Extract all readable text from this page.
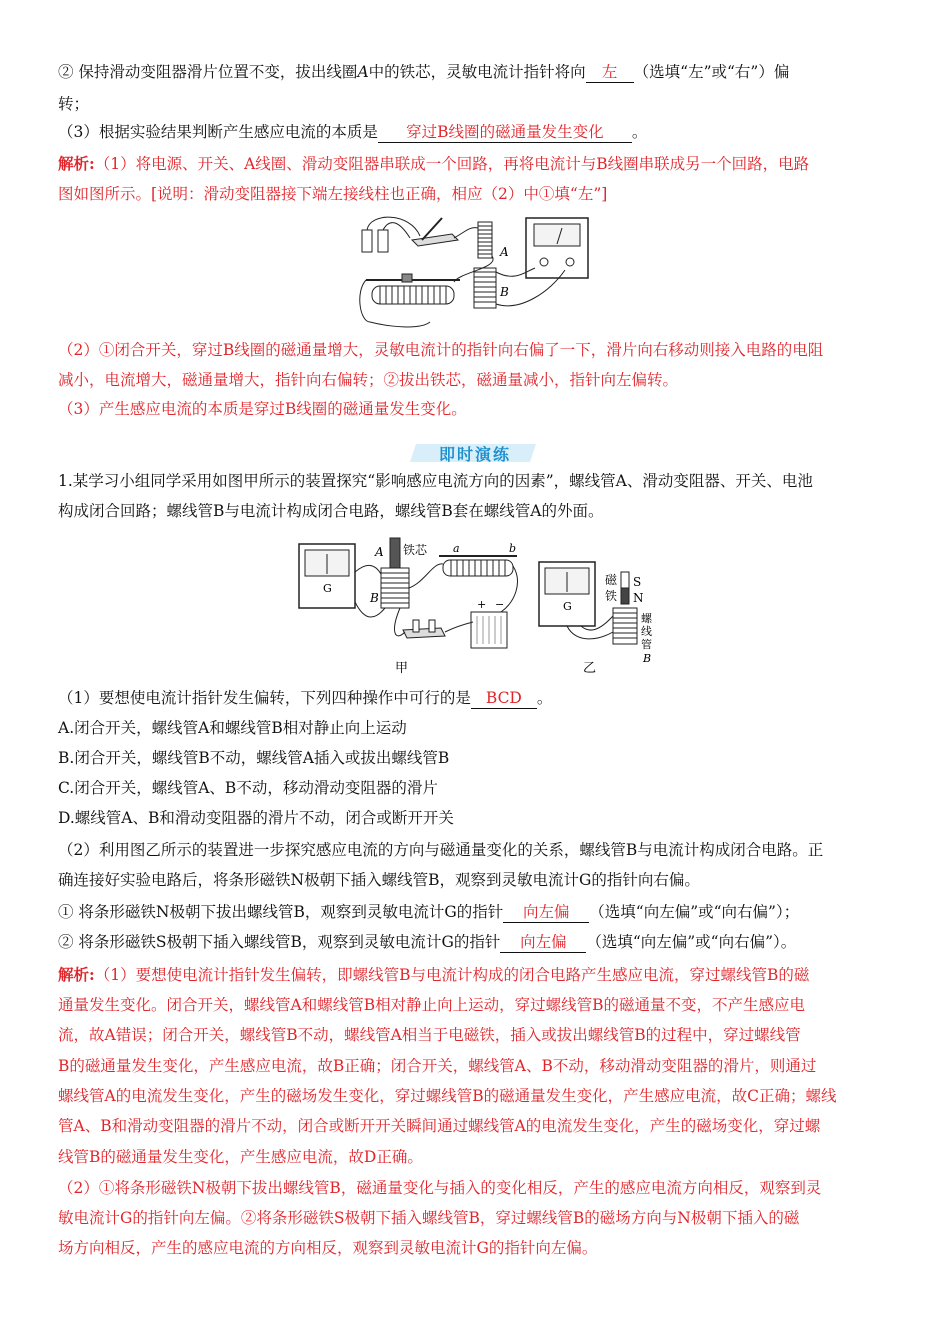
② 保持滑动变阻器滑片位置不变，拔出线圈A中的铁芯，灵敏电流计指针将向 左 （选填“左”或“右”）偏
转；
（3）根据实验结果判断产生感应电流的本质是 穿过B线圈的磁通量发生变化 。
解析:（1）将电源、开关、A线圈、滑动变阻器串联成一个回路，再将电流计与B线圈串联成另一个回路，电路
图如图所示。[说明：滑动变阻器接下端左接线柱也正确，相应（2）中①填“左”]
A
B
（2）①闭合开关，穿过B线圈的磁通量增大，灵敏电流计的指针向右偏了一下，滑片向右移动则接入电路的电阻
减小，电流增大，磁通量增大，指针向右偏转；②拔出铁芯，磁通量减小，指针向左偏转。
（3）产生感应电流的本质是穿过B线圈的磁通量发生变化。
即时演练
1.某学习小组同学采用如图甲所示的装置探究“影响感应电流方向的因素”，螺线管A、滑动变阻器、开关、电池
构成闭合回路；螺线管B与电流计构成闭合电路，螺线管B套在螺线管A的外面。
G
A
B
铁芯 a	b
+ −
甲
G
磁
铁
S
N
螺
线
管
B
乙
（1）要想使电流计指针发生偏转，下列四种操作中可行的是 BCD 。
A.闭合开关，螺线管A和螺线管B相对静止向上运动
B.闭合开关，螺线管B不动，螺线管A插入或拔出螺线管B
C.闭合开关，螺线管A、B不动，移动滑动变阻器的滑片
D.螺线管A、B和滑动变阻器的滑片不动，闭合或断开开关
（2）利用图乙所示的装置进一步探究感应电流的方向与磁通量变化的关系，螺线管B与电流计构成闭合电路。正
确连接好实验电路后，将条形磁铁N极朝下插入螺线管B，观察到灵敏电流计G的指针向右偏。
① 将条形磁铁N极朝下拔出螺线管B，观察到灵敏电流计G的指针 向左偏 （选填“向左偏”或“向右偏”）；
② 将条形磁铁S极朝下插入螺线管B，观察到灵敏电流计G的指针 向左偏 （选填“向左偏”或“向右偏”）。
解析:（1）要想使电流计指针发生偏转，即螺线管B与电流计构成的闭合电路产生感应电流，穿过螺线管B的磁
通量发生变化。闭合开关，螺线管A和螺线管B相对静止向上运动，穿过螺线管B的磁通量不变，不产生感应电
流，故A错误；闭合开关，螺线管B不动，螺线管A相当于电磁铁，插入或拔出螺线管B的过程中，穿过螺线管
B的磁通量发生变化，产生感应电流，故B正确；闭合开关，螺线管A、B不动，移动滑动变阻器的滑片，则通过
螺线管A的电流发生变化，产生的磁场发生变化，穿过螺线管B的磁通量发生变化，产生感应电流，故C正确；螺线
管A、B和滑动变阻器的滑片不动，闭合或断开开关瞬间通过螺线管A的电流发生变化，产生的磁场变化，穿过螺
线管B的磁通量发生变化，产生感应电流，故D正确。
（2）①将条形磁铁N极朝下拔出螺线管B，磁通量变化与插入的变化相反，产生的感应电流方向相反，观察到灵
敏电流计G的指针向左偏。②将条形磁铁S极朝下插入螺线管B，穿过螺线管B的磁场方向与N极朝下插入的磁
场方向相反，产生的感应电流的方向相反，观察到灵敏电流计G的指针向左偏。
